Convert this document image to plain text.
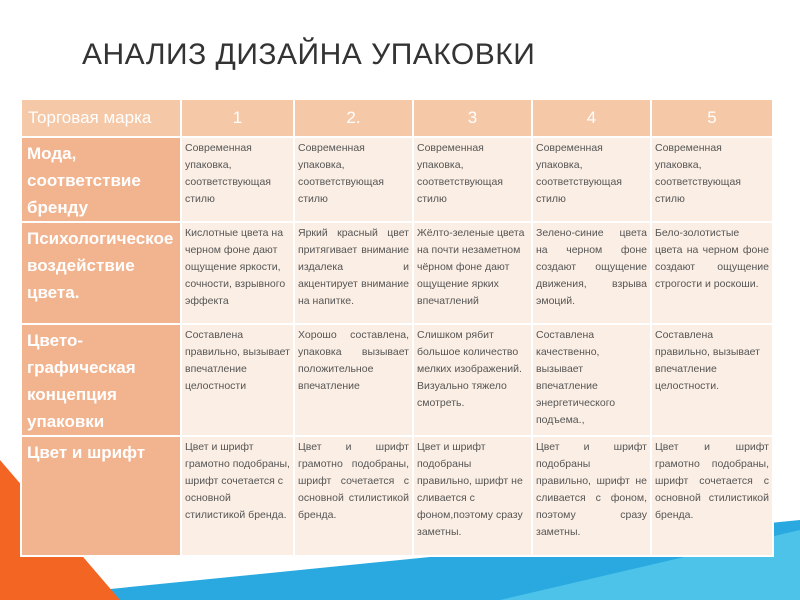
АНАЛИЗ ДИЗАЙНА УПАКОВКИ
Торговая марка	1	2.	3	4	5
Мода, соответствие бренду	Современная упаковка, соответствующая стилю	Современная упаковка, соответствующая стилю	Современная упаковка, соответствующая стилю	Современная упаковка, соответствующая стилю	Современная упаковка, соответствующая стилю
Психологическое воздействие цвета.	Кислотные цвета на черном фоне дают ощущение яркости, сочности, взрывного эффекта	Яркий красный цвет притягивает внимание издалека и акцентирует внимание на напитке.	Жёлто-зеленые цвета на почти незаметном чёрном фоне дают ощущение ярких впечатлений	Зелено-синие цвета на черном фоне создают ощущение движения, взрыва эмоций.	Бело-золотистые цвета на черном фоне создают ощущение строгости и роскоши.
Цвето-графическая концепция упаковки	Составлена правильно, вызывает впечатление целостности	Хорошо составлена, упаковка вызывает положительное впечатление	Слишком рябит большое количество мелких изображений. Визуально тяжело смотреть.	Составлена качественно, вызывает впечатление энергетического подъема.,	Составлена правильно, вызывает впечатление целостности.
Цвет и шрифт	Цвет и шрифт грамотно подобраны, шрифт сочетается с основной стилистикой бренда.	Цвет и шрифт грамотно подобраны, шрифт сочетается с основной стилистикой бренда.	Цвет и шрифт подобраны правильно, шрифт не сливается с фоном,поэтому сразу заметны.	Цвет и шрифт подобраны правильно, шрифт не сливается с фоном, поэтому сразу заметны.	Цвет и шрифт грамотно подобраны, шрифт сочетается с основной стилистикой бренда.
